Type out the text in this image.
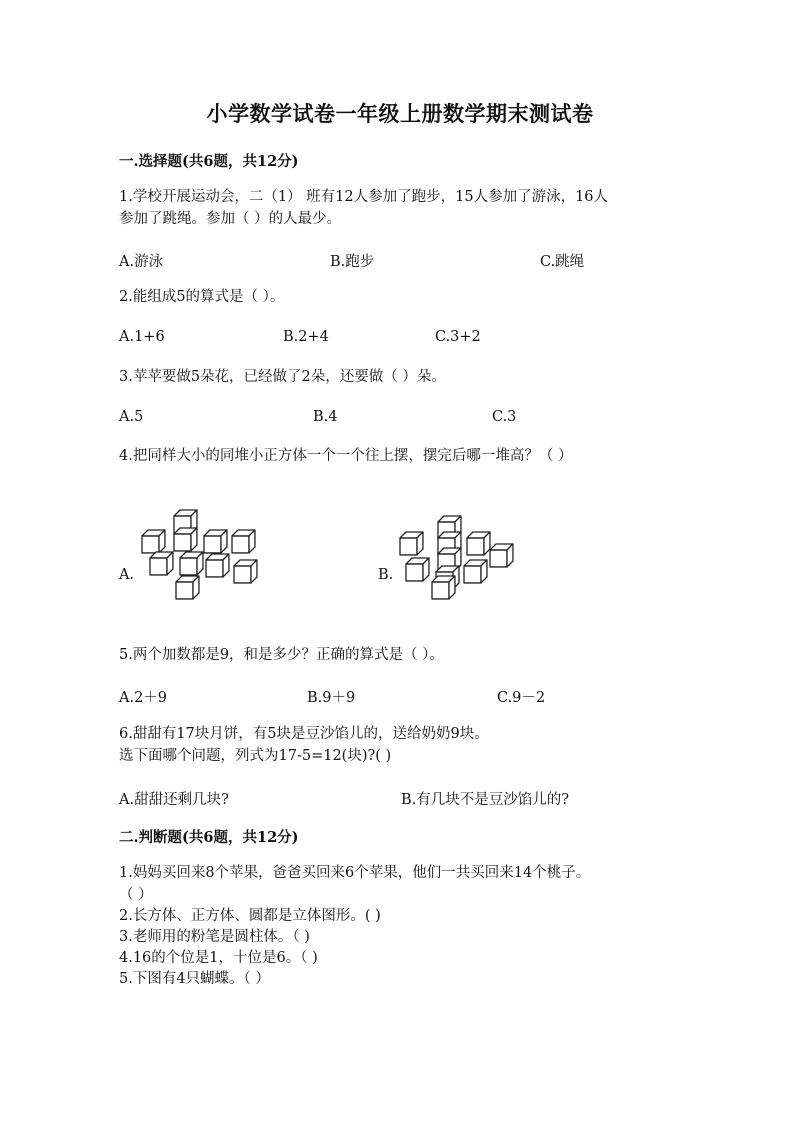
小学数学试卷一年级上册数学期末测试卷
一.选择题(共6题，共12分)
1.学校开展运动会，二（1） 班有12人参加了跑步，15人参加了游泳，16人
参加了跳绳。参加（ ）的人最少。
A.游泳	B.跑步	C.跳绳
2.能组成5的算式是（ ）。
A.1+6	B.2+4	C.3+2
3.苹苹要做5朵花，已经做了2朵，还要做（ ）朵。
A.5	B.4	C.3
4.把同样大小的同堆小正方体一个一个往上摆，摆完后哪一堆高？（ ）
A.	B.
5.两个加数都是9，和是多少？正确的算式是（ ）。
A.2＋9	B.9＋9	C.9－2
6.甜甜有17块月饼，有5块是豆沙馅儿的，送给奶奶9块。
选下面哪个问题，列式为17-5=12(块)?( )
A.甜甜还剩几块?	B.有几块不是豆沙馅儿的?
二.判断题(共6题，共12分)
1.妈妈买回来8个苹果，爸爸买回来6个苹果，他们一共买回来14个桃子。
（ ）
2.长方体、正方体、圆都是立体图形。( )
3.老师用的粉笔是圆柱体。（ )
4.16的个位是1，十位是6。（ )
5.下图有4只蝴蝶。（ ）
